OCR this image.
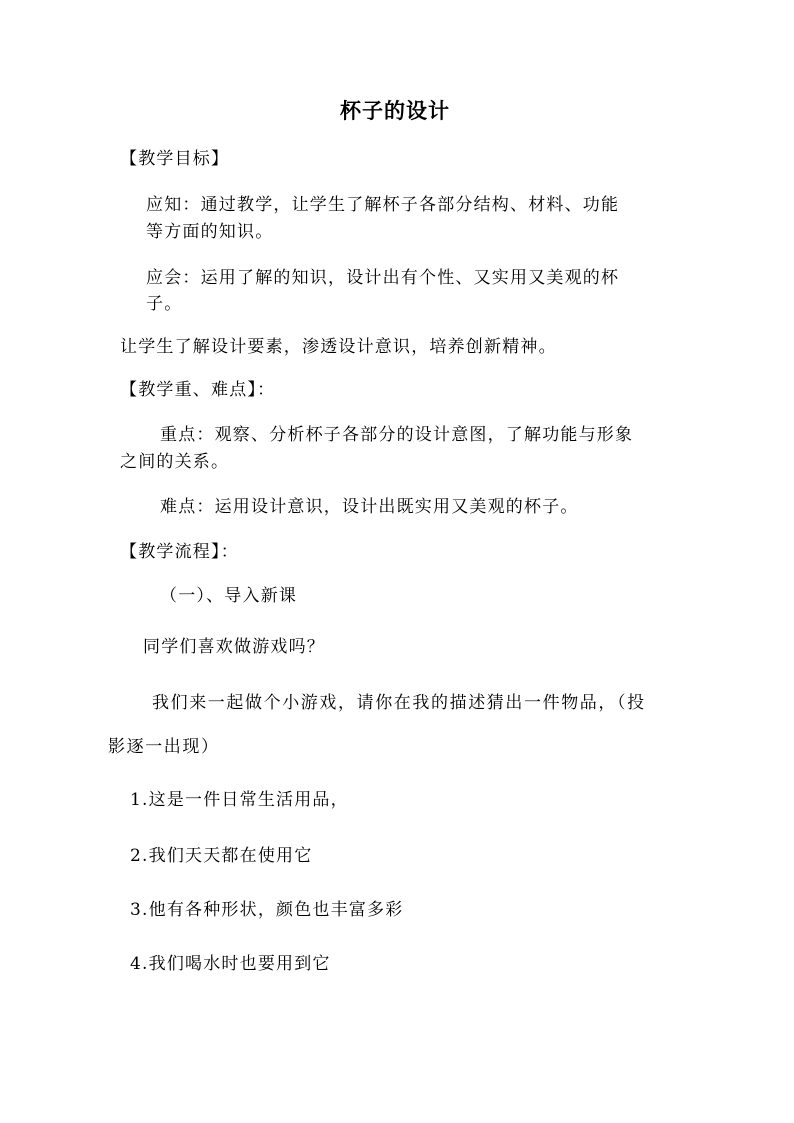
杯子的设计

【教学目标】

应知：通过教学，让学生了解杯子各部分结构、材料、功能

等方面的知识。

应会：运用了解的知识，设计出有个性、又实用又美观的杯

子。

让学生了解设计要素，渗透设计意识，培养创新精神。

【教学重、难点】：

重点：观察、分析杯子各部分的设计意图，了解功能与形象

之间的关系。

难点：运用设计意识，设计出既实用又美观的杯子。

【教学流程】：

（一）、导入新课

同学们喜欢做游戏吗？

我们来一起做个小游戏，请你在我的描述猜出一件物品，（投

影逐一出现）

1.这是一件日常生活用品，

2.我们天天都在使用它

3.他有各种形状，颜色也丰富多彩

4.我们喝水时也要用到它
